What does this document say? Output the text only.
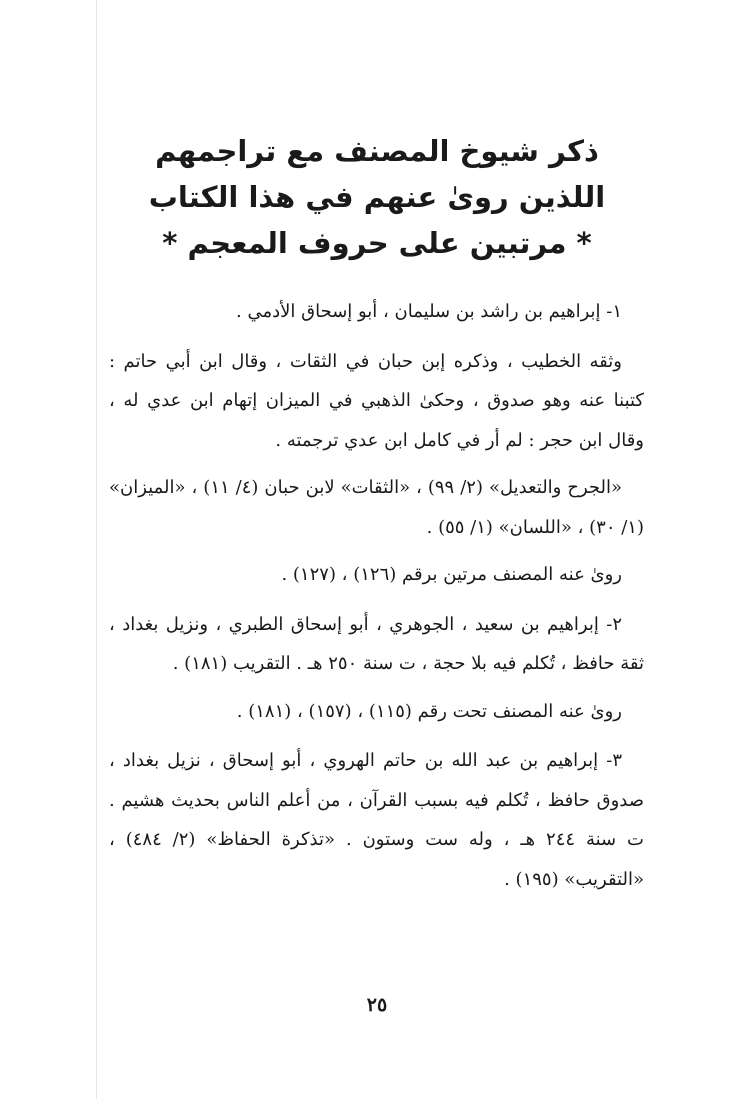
ذكر شيوخ المصنف مع تراجمهم
اللذين روىٰ عنهم في هذا الكتاب
* مرتبين على حروف المعجم *

١- إبراهيم بن راشد بن سليمان ، أبو إسحاق الأدمي .

وثقه الخطيب ، وذكره إبن حبان في الثقات ، وقال ابن أبي حاتم : كتبنا عنه وهو صدوق ، وحكىٰ الذهبي في الميزان إتهام ابن عدي له ، وقال ابن حجر : لم أر في كامل ابن عدي ترجمته .

«الجرح والتعديل» (٢/ ٩٩) ، «الثقات» لابن حبان (٤/ ١١) ، «الميزان» (١/ ٣٠) ، «اللسان» (١/ ٥٥) .

روىٰ عنه المصنف مرتين برقم (١٢٦) ، (١٢٧) .

٢- إبراهيم بن سعيد ، الجوهري ، أبو إسحاق الطبري ، ونزيل بغداد ، ثقة حافظ ، تُكلم فيه بلا حجة ، ت سنة ٢٥٠ هـ . التقريب (١٨١) .

روىٰ عنه المصنف تحت رقم (١١٥) ، (١٥٧) ، (١٨١) .

٣- إبراهيم بن عبد الله بن حاتم الهروي ، أبو إسحاق ، نزيل بغداد ، صدوق حافظ ، تُكلم فيه بسبب القرآن ، من أعلم الناس بحديث هشيم . ت سنة ٢٤٤ هـ ، وله ست وستون . «تذكرة الحفاظ» (٢/ ٤٨٤) ، «التقريب» (١٩٥) .

٢٥
